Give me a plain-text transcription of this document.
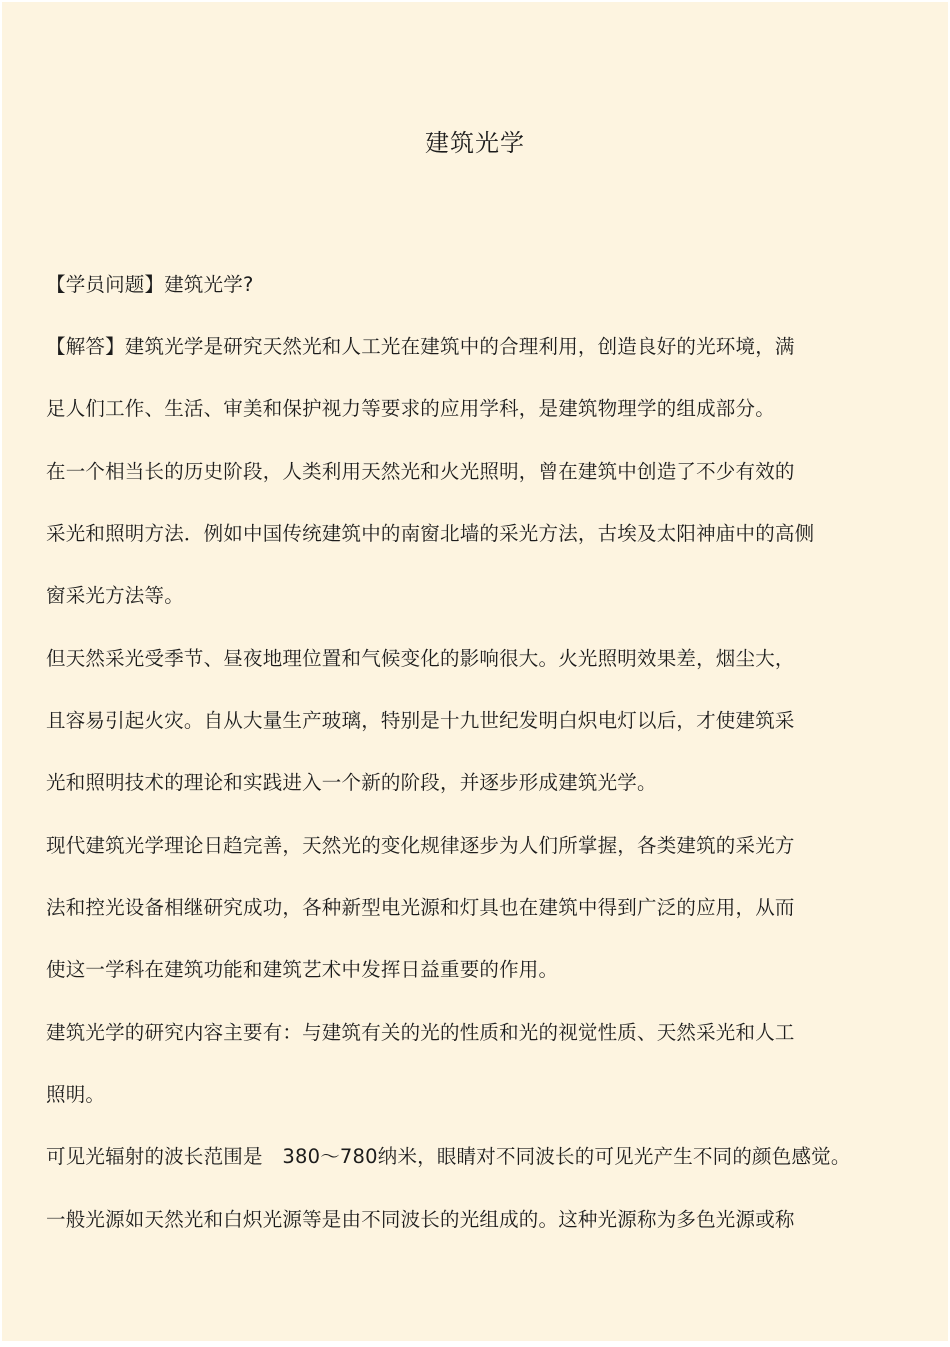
建筑光学
【学员问题】建筑光学?
【解答】建筑光学是研究天然光和人工光在建筑中的合理利用，创造良好的光环境，满
足人们工作、生活、审美和保护视力等要求的应用学科，是建筑物理学的组成部分。
在一个相当长的历史阶段，人类利用天然光和火光照明，曾在建筑中创造了不少有效的
采光和照明方法．例如中国传统建筑中的南窗北墙的采光方法，古埃及太阳神庙中的高侧
窗采光方法等。
但天然采光受季节、昼夜地理位置和气候变化的影响很大。火光照明效果差，烟尘大，
且容易引起火灾。自从大量生产玻璃，特别是十九世纪发明白炽电灯以后，才使建筑采
光和照明技术的理论和实践进入一个新的阶段，并逐步形成建筑光学。
现代建筑光学理论日趋完善，天然光的变化规律逐步为人们所掌握，各类建筑的采光方
法和控光设备相继研究成功，各种新型电光源和灯具也在建筑中得到广泛的应用，从而
使这一学科在建筑功能和建筑艺术中发挥日益重要的作用。
建筑光学的研究内容主要有：与建筑有关的光的性质和光的视觉性质、天然采光和人工
照明。
可见光辐射的波长范围是　380～780纳米，眼睛对不同波长的可见光产生不同的颜色感觉。
一般光源如天然光和白炽光源等是由不同波长的光组成的。这种光源称为多色光源或称
